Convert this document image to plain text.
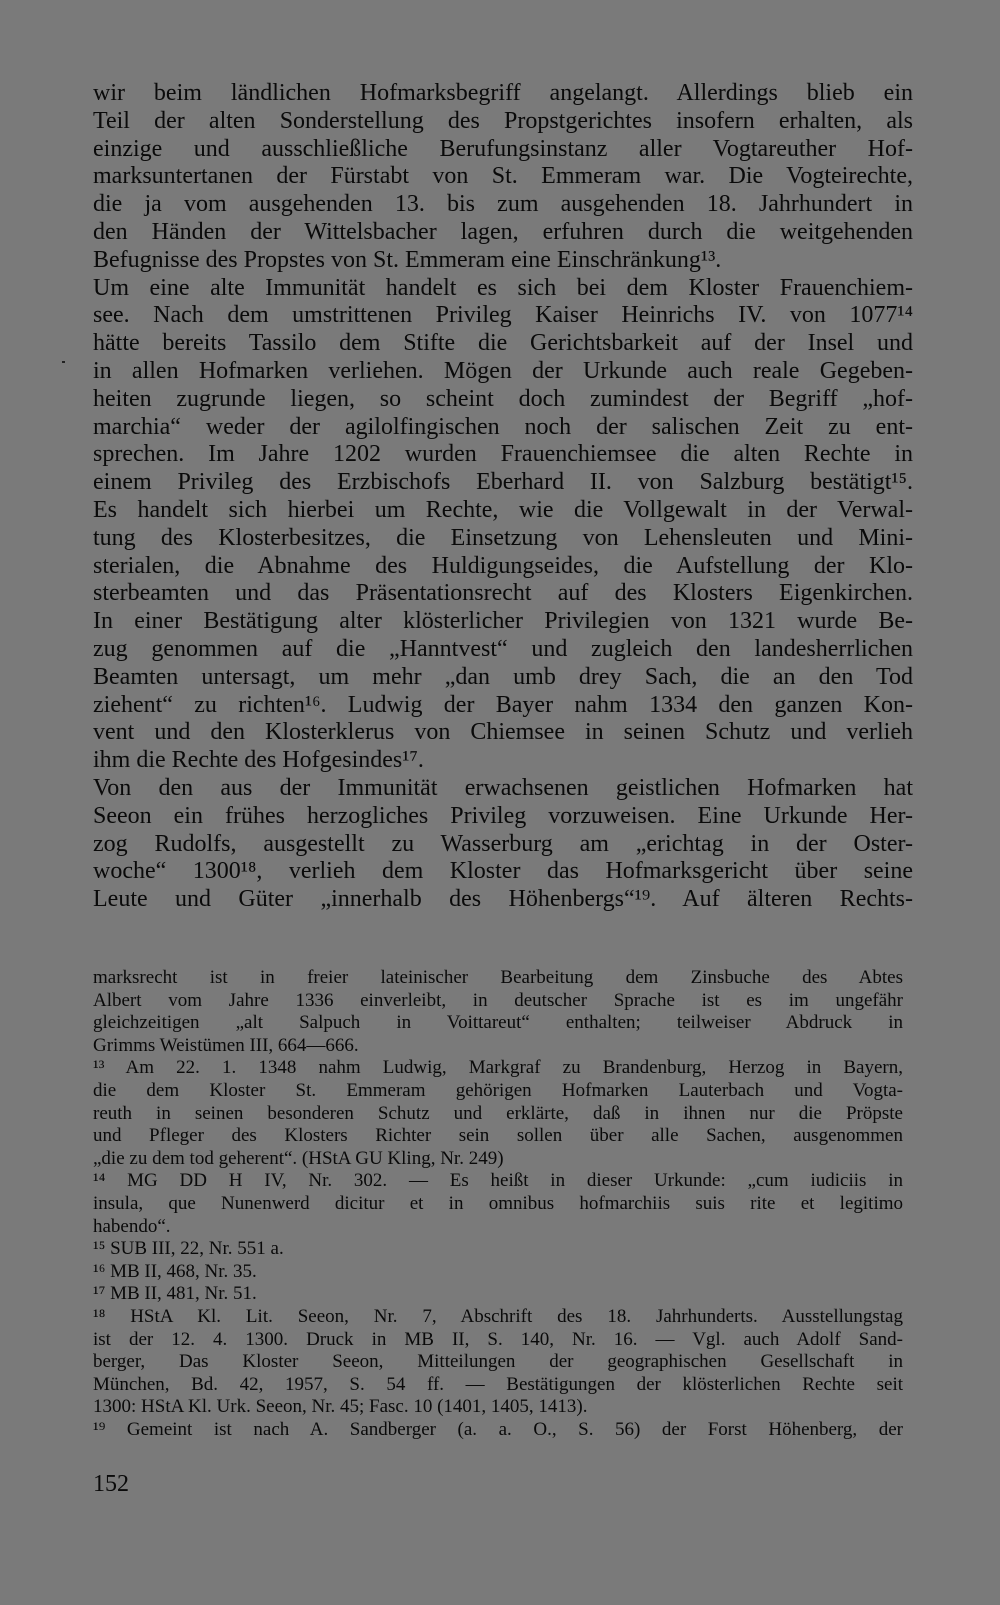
wir beim ländlichen Hofmarksbegriff angelangt. Allerdings blieb ein
Teil der alten Sonderstellung des Propstgerichtes insofern erhalten, als
einzige und ausschließliche Berufungsinstanz aller Vogtareuther Hof-
marksuntertanen der Fürstabt von St. Emmeram war. Die Vogteirechte,
die ja vom ausgehenden 13. bis zum ausgehenden 18. Jahrhundert in
den Händen der Wittelsbacher lagen, erfuhren durch die weitgehenden
Befugnisse des Propstes von St. Emmeram eine Einschränkung¹³.
Um eine alte Immunität handelt es sich bei dem Kloster Frauenchiem-
see. Nach dem umstrittenen Privileg Kaiser Heinrichs IV. von 1077¹⁴
hätte bereits Tassilo dem Stifte die Gerichtsbarkeit auf der Insel und
in allen Hofmarken verliehen. Mögen der Urkunde auch reale Gegeben-
heiten zugrunde liegen, so scheint doch zumindest der Begriff „hof-
marchia“ weder der agilolfingischen noch der salischen Zeit zu ent-
sprechen. Im Jahre 1202 wurden Frauenchiemsee die alten Rechte in
einem Privileg des Erzbischofs Eberhard II. von Salzburg bestätigt¹⁵.
Es handelt sich hierbei um Rechte, wie die Vollgewalt in der Verwal-
tung des Klosterbesitzes, die Einsetzung von Lehensleuten und Mini-
sterialen, die Abnahme des Huldigungseides, die Aufstellung der Klo-
sterbeamten und das Präsentationsrecht auf des Klosters Eigenkirchen.
In einer Bestätigung alter klösterlicher Privilegien von 1321 wurde Be-
zug genommen auf die „Hanntvest“ und zugleich den landesherrlichen
Beamten untersagt, um mehr „dan umb drey Sach, die an den Tod
ziehent“ zu richten¹⁶. Ludwig der Bayer nahm 1334 den ganzen Kon-
vent und den Klosterklerus von Chiemsee in seinen Schutz und verlieh
ihm die Rechte des Hofgesindes¹⁷.
Von den aus der Immunität erwachsenen geistlichen Hofmarken hat
Seeon ein frühes herzogliches Privileg vorzuweisen. Eine Urkunde Her-
zog Rudolfs, ausgestellt zu Wasserburg am „erichtag in der Oster-
woche“ 1300¹⁸, verlieh dem Kloster das Hofmarksgericht über seine
Leute und Güter „innerhalb des Höhenbergs“¹⁹. Auf älteren Rechts-
marksrecht ist in freier lateinischer Bearbeitung dem Zinsbuche des Abtes
Albert vom Jahre 1336 einverleibt, in deutscher Sprache ist es im ungefähr
gleichzeitigen „alt Salpuch in Voittareut“ enthalten; teilweiser Abdruck in
Grimms Weistümen III, 664—666.
¹³ Am 22. 1. 1348 nahm Ludwig, Markgraf zu Brandenburg, Herzog in Bayern,
die dem Kloster St. Emmeram gehörigen Hofmarken Lauterbach und Vogta-
reuth in seinen besonderen Schutz und erklärte, daß in ihnen nur die Pröpste
und Pfleger des Klosters Richter sein sollen über alle Sachen, ausgenommen
„die zu dem tod geherent“. (HStA GU Kling, Nr. 249)
¹⁴ MG DD H IV, Nr. 302. — Es heißt in dieser Urkunde: „cum iudiciis in
insula, que Nunenwerd dicitur et in omnibus hofmarchiis suis rite et legitimo
habendo“.
¹⁵ SUB III, 22, Nr. 551 a.
¹⁶ MB II, 468, Nr. 35.
¹⁷ MB II, 481, Nr. 51.
¹⁸ HStA Kl. Lit. Seeon, Nr. 7, Abschrift des 18. Jahrhunderts. Ausstellungstag
ist der 12. 4. 1300. Druck in MB II, S. 140, Nr. 16. — Vgl. auch Adolf Sand-
berger, Das Kloster Seeon, Mitteilungen der geographischen Gesellschaft in
München, Bd. 42, 1957, S. 54 ff. — Bestätigungen der klösterlichen Rechte seit
1300: HStA Kl. Urk. Seeon, Nr. 45; Fasc. 10 (1401, 1405, 1413).
¹⁹ Gemeint ist nach A. Sandberger (a. a. O., S. 56) der Forst Höhenberg, der
152
